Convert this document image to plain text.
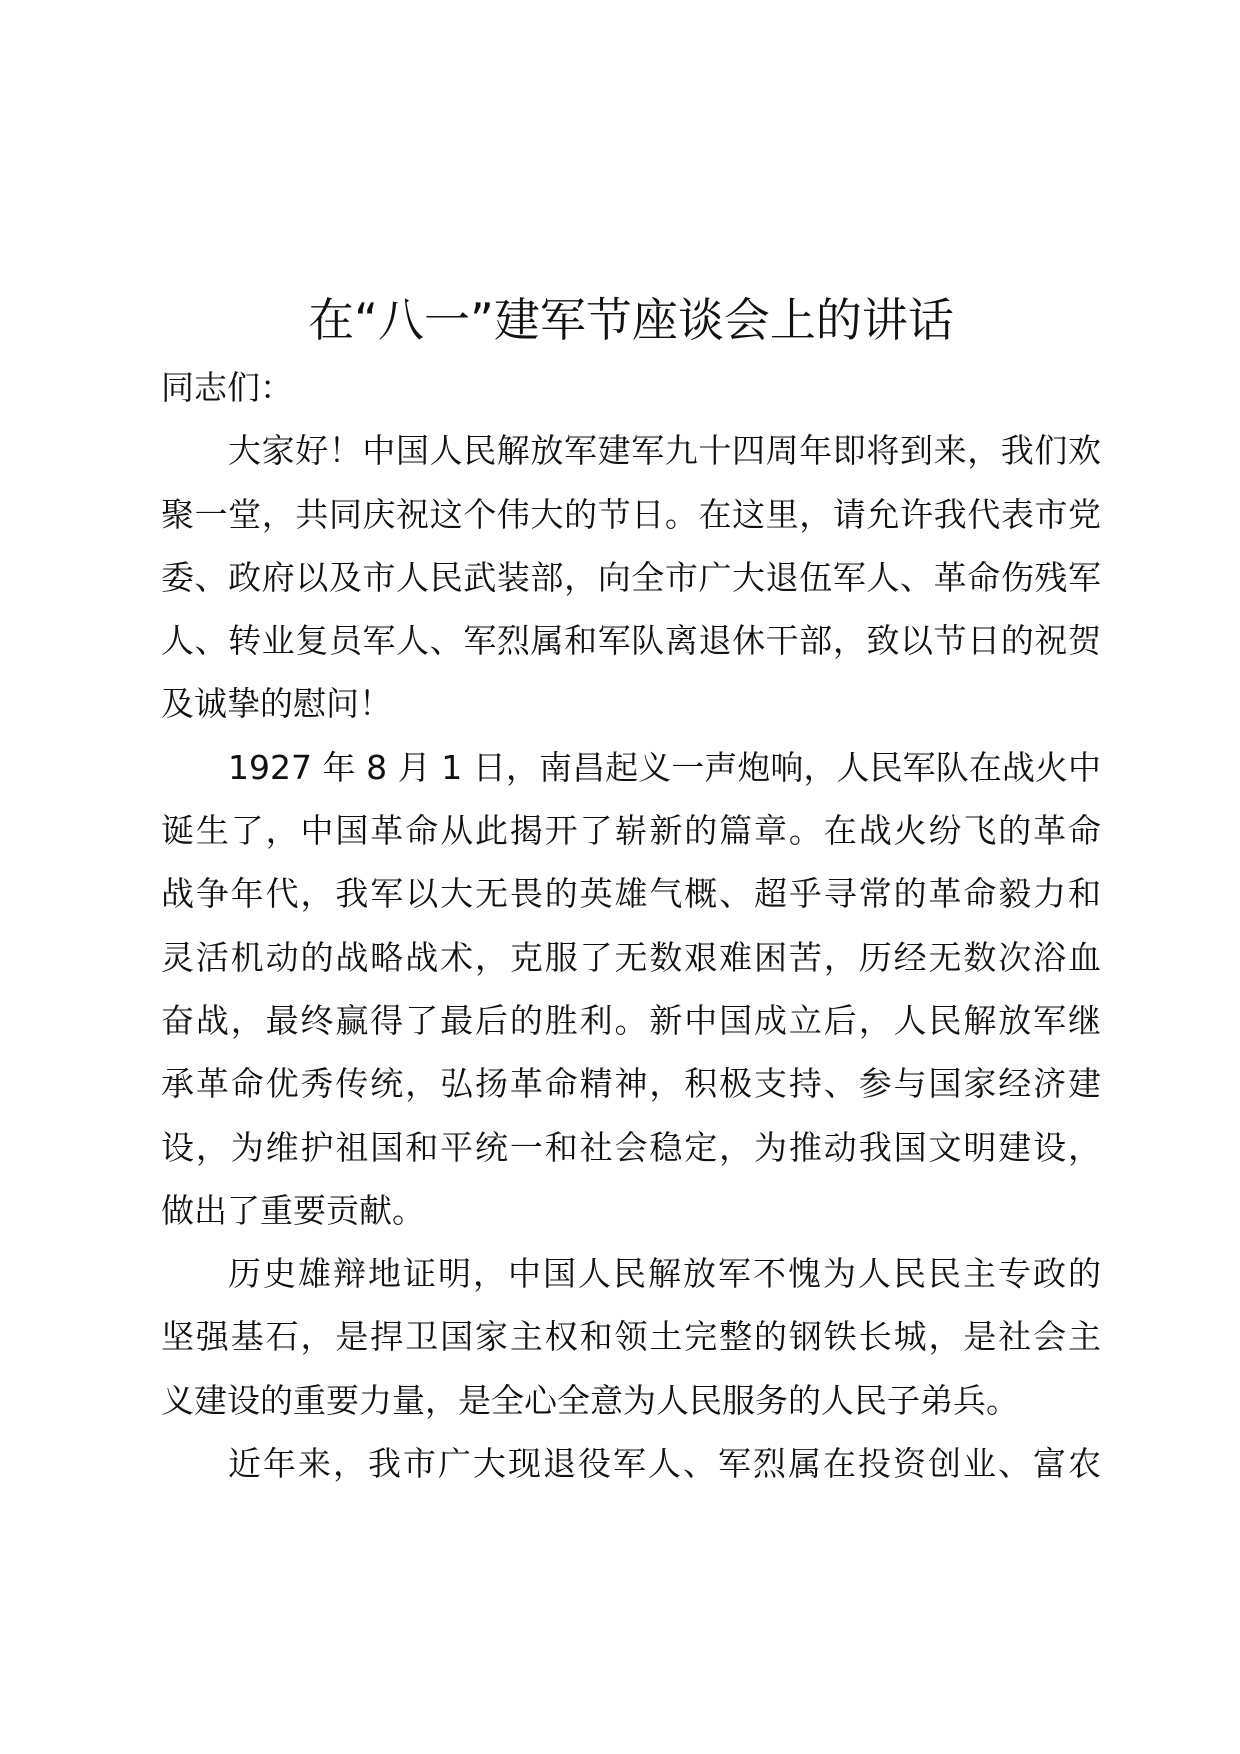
在“八一”建军节座谈会上的讲话
同志们：
大家好！中国人民解放军建军九十四周年即将到来，我们欢
聚一堂，共同庆祝这个伟大的节日。在这里，请允许我代表市党
委、政府以及市人民武装部，向全市广大退伍军人、革命伤残军
人、转业复员军人、军烈属和军队离退休干部，致以节日的祝贺
及诚挚的慰问！
1927 年 8 月 1 日，南昌起义一声炮响，人民军队在战火中
诞生了，中国革命从此揭开了崭新的篇章。在战火纷飞的革命
战争年代，我军以大无畏的英雄气概、超乎寻常的革命毅力和
灵活机动的战略战术，克服了无数艰难困苦，历经无数次浴血
奋战，最终赢得了最后的胜利。新中国成立后，人民解放军继
承革命优秀传统，弘扬革命精神，积极支持、参与国家经济建
设，为维护祖国和平统一和社会稳定，为推动我国文明建设，
做出了重要贡献。
历史雄辩地证明，中国人民解放军不愧为人民民主专政的
坚强基石，是捍卫国家主权和领土完整的钢铁长城，是社会主
义建设的重要力量，是全心全意为人民服务的人民子弟兵。
近年来，我市广大现退役军人、军烈属在投资创业、富农
